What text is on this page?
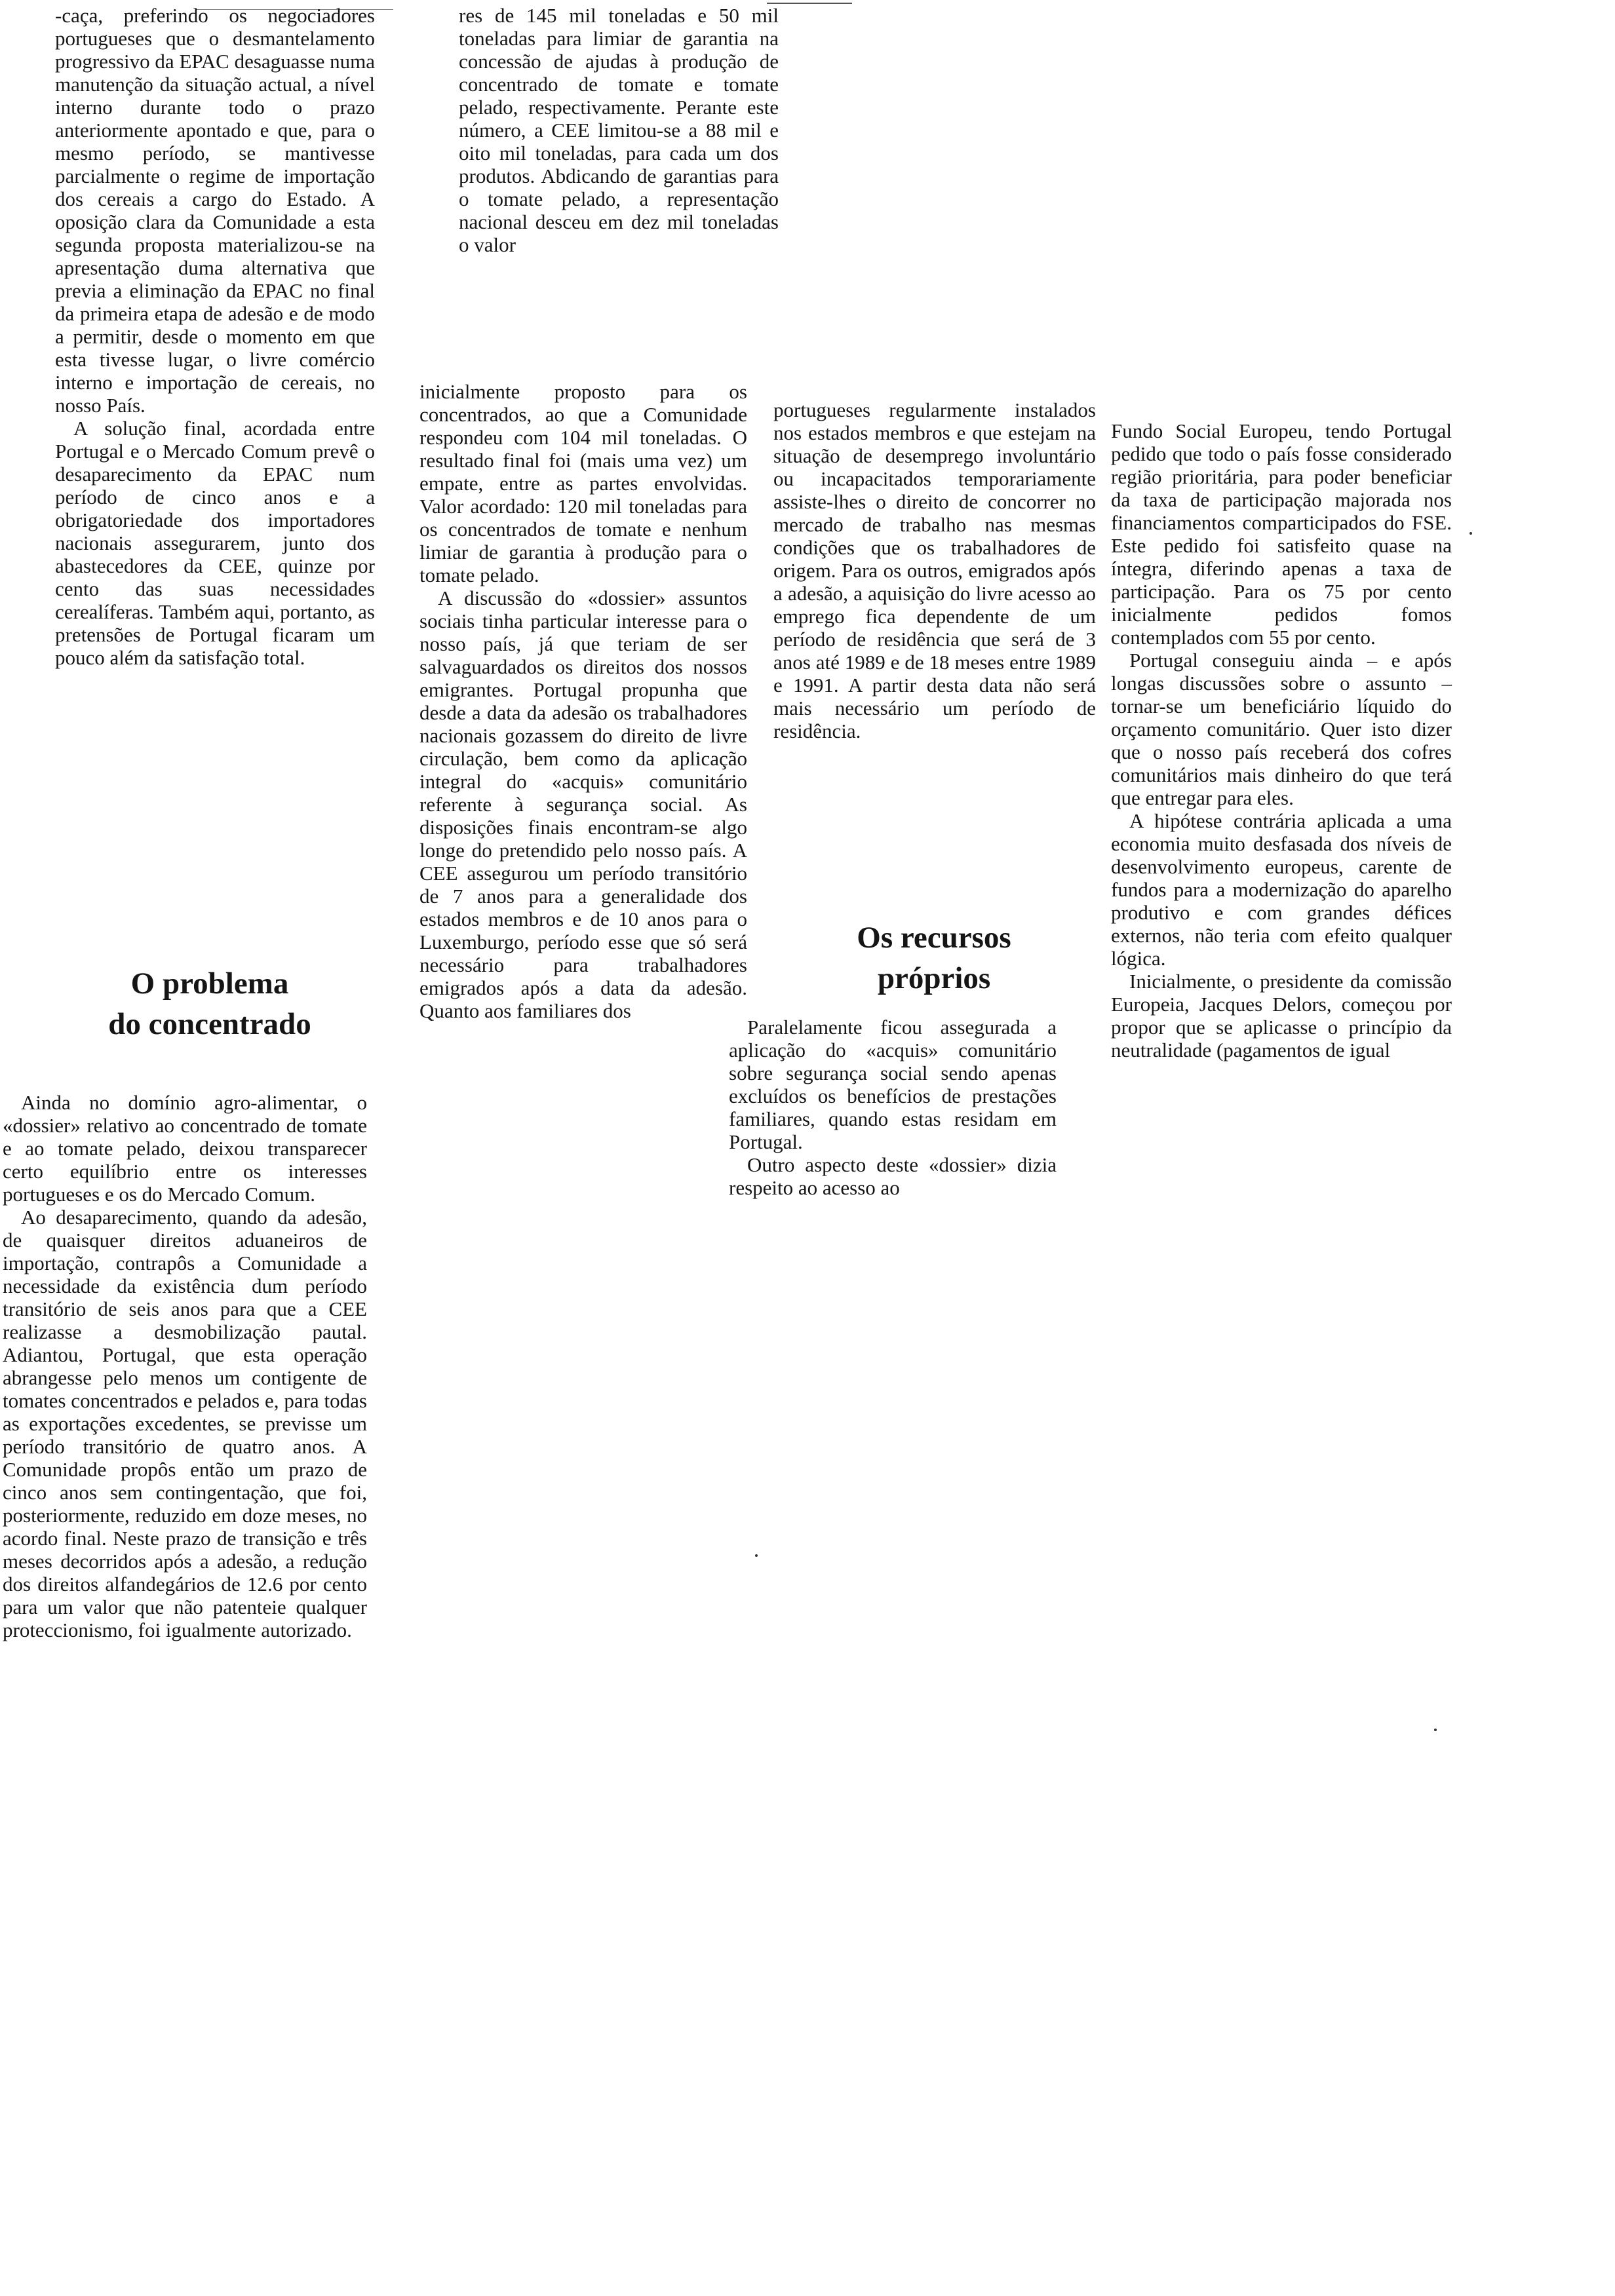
-caça, preferindo os negociadores portugueses que o desmantelamento progressivo da EPAC desaguasse numa manutenção da situação actual, a nível interno durante todo o prazo anteriormente apontado e que, para o mesmo período, se mantivesse parcialmente o regime de importação dos cereais a cargo do Estado. A oposição clara da Comunidade a esta segunda proposta materializou-se na apresentação duma alternativa que previa a eliminação da EPAC no final da primeira etapa de adesão e de modo a permitir, desde o momento em que esta tivesse lugar, o livre comércio interno e importação de cereais, no nosso País.

A solução final, acordada entre Portugal e o Mercado Comum prevê o desaparecimento da EPAC num período de cinco anos e a obrigatoriedade dos importadores nacionais assegurarem, junto dos abastecedores da CEE, quinze por cento das suas necessidades cerealíferas. Também aqui, portanto, as pretensões de Portugal ficaram um pouco além da satisfação total.

O problema
do concentrado

Ainda no domínio agro-alimentar, o «dossier» relativo ao concentrado de tomate e ao tomate pelado, deixou transparecer certo equilíbrio entre os interesses portugueses e os do Mercado Comum.

Ao desaparecimento, quando da adesão, de quaisquer direitos aduaneiros de importação, contrapôs a Comunidade a necessidade da existência dum período transitório de seis anos para que a CEE realizasse a desmobilização pautal. Adiantou, Portugal, que esta operação abrangesse pelo menos um contigente de tomates concentrados e pelados e, para todas as exportações excedentes, se previsse um período transitório de quatro anos. A Comunidade propôs então um prazo de cinco anos sem contingentação, que foi, posteriormente, reduzido em doze meses, no acordo final. Neste prazo de transição e três meses decorridos após a adesão, a redução dos direitos alfandegários de 12.6 por cento para um valor que não patenteie qualquer proteccionismo, foi igualmente autorizado.

res de 145 mil toneladas e 50 mil toneladas para limiar de garantia na concessão de ajudas à produção de concentrado de tomate e tomate pelado, respectivamente. Perante este número, a CEE limitou-se a 88 mil e oito mil toneladas, para cada um dos produtos. Abdicando de garantias para o tomate pelado, a representação nacional desceu em dez mil toneladas o valor

inicialmente proposto para os concentrados, ao que a Comunidade respondeu com 104 mil toneladas. O resultado final foi (mais uma vez) um empate, entre as partes envolvidas. Valor acordado: 120 mil toneladas para os concentrados de tomate e nenhum limiar de garantia à produção para o tomate pelado.

A discussão do «dossier» assuntos sociais tinha particular interesse para o nosso país, já que teriam de ser salvaguardados os direitos dos nossos emigrantes. Portugal propunha que desde a data da adesão os trabalhadores nacionais gozassem do direito de livre circulação, bem como da aplicação integral do «acquis» comunitário referente à segurança social. As disposições finais encontram-se algo longe do pretendido pelo nosso país. A CEE assegurou um período transitório de 7 anos para a generalidade dos estados membros e de 10 anos para o Luxemburgo, período esse que só será necessário para trabalhadores emigrados após a data da adesão. Quanto aos familiares dos

portugueses regularmente instalados nos estados membros e que estejam na situação de desemprego involuntário ou incapacitados temporariamente assiste-lhes o direito de concorrer no mercado de trabalho nas mesmas condições que os trabalhadores de origem. Para os outros, emigrados após a adesão, a aquisição do livre acesso ao emprego fica dependente de um período de residência que será de 3 anos até 1989 e de 18 meses entre 1989 e 1991. A partir desta data não será mais necessário um período de residência.

Os recursos
próprios

Paralelamente ficou assegurada a aplicação do «acquis» comunitário sobre segurança social sendo apenas excluídos os benefícios de prestações familiares, quando estas residam em Portugal.

Outro aspecto deste «dossier» dizia respeito ao acesso ao

Fundo Social Europeu, tendo Portugal pedido que todo o país fosse considerado região prioritária, para poder beneficiar da taxa de participação majorada nos financiamentos comparticipados do FSE. Este pedido foi satisfeito quase na íntegra, diferindo apenas a taxa de participação. Para os 75 por cento inicialmente pedidos fomos contemplados com 55 por cento.

Portugal conseguiu ainda – e após longas discussões sobre o assunto – tornar-se um beneficiário líquido do orçamento comunitário. Quer isto dizer que o nosso país receberá dos cofres comunitários mais dinheiro do que terá que entregar para eles.

A hipótese contrária aplicada a uma economia muito desfasada dos níveis de desenvolvimento europeus, carente de fundos para a modernização do aparelho produtivo e com grandes défices externos, não teria com efeito qualquer lógica.

Inicialmente, o presidente da comissão Europeia, Jacques Delors, começou por propor que se aplicasse o princípio da neutralidade (pagamentos de igual
